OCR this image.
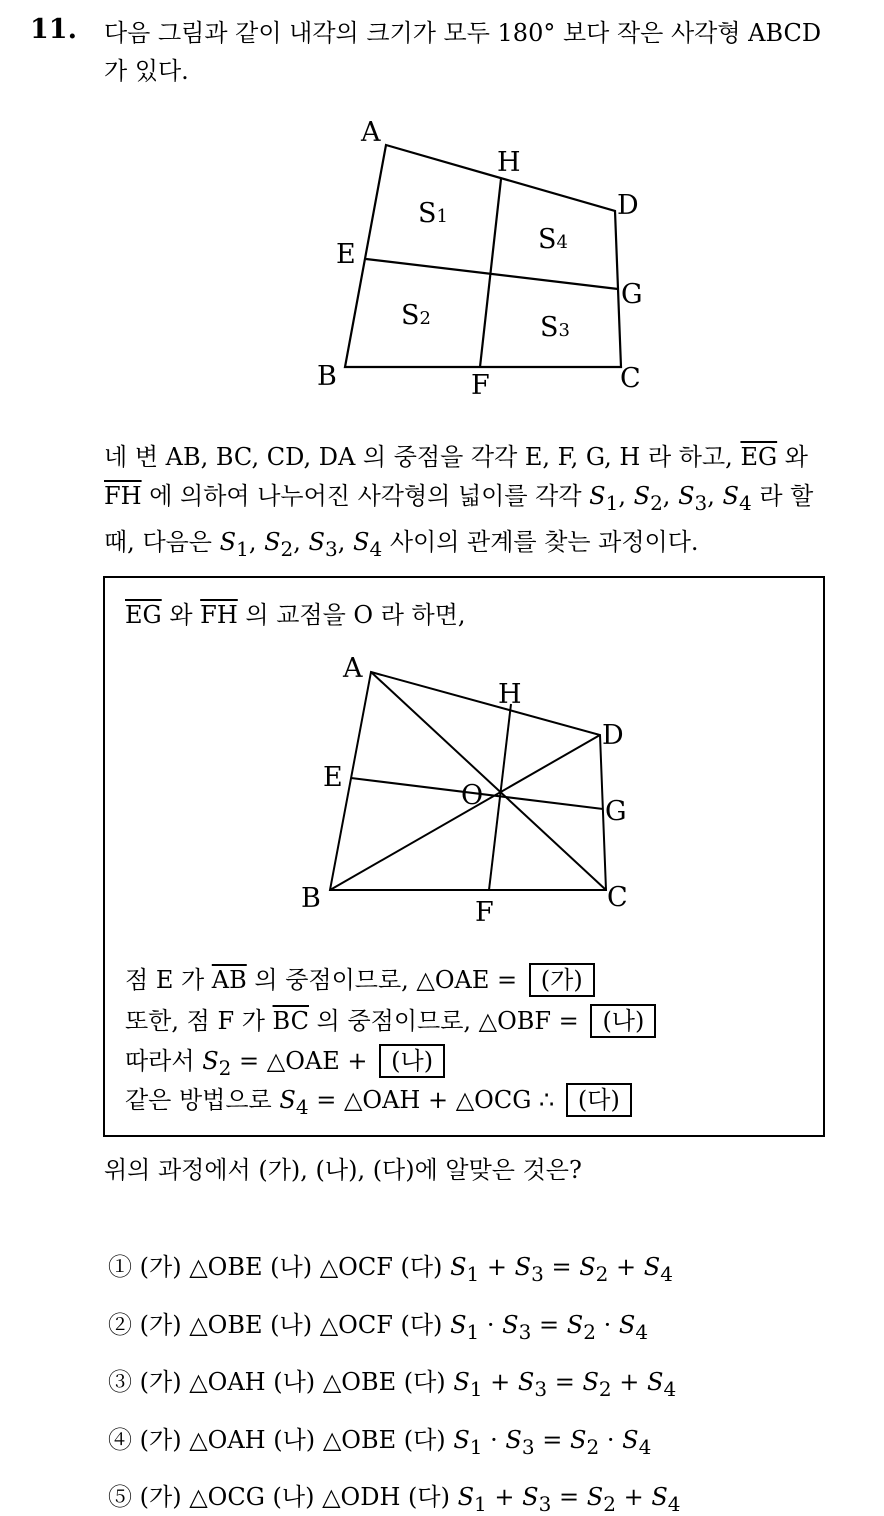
11. 다음 그림과 같이 내각의 크기가 모두 180° 보다 작은 사각형 ABCD
가 있다.
A
B	C
D
E
F
G
H
S1
S4
S2	S3
네 변 AB, BC, CD, DA 의 중점을 각각 E, F, G, H 라 하고, $\overline{EG}$ 와
$\overline{FH}$ 에 의하여 나누어진 사각형의 넓이를 각각 $S_1$, $S_2$, $S_3$, $S_4$ 라 할
때, 다음은 $S_1$, $S_2$, $S_3$, $S_4$ 사이의 관계를 찾는 과정이다.
$\overline{EG}$ 와 $\overline{FH}$ 의 교점을 O 라 하면,
A
B	C
D
E
F
G
H
O
점 E 가 $\overline{AB}$ 의 중점이므로, △OAE = (가)
또한, 점 F 가 $\overline{BC}$ 의 중점이므로, △OBF = (나)
따라서 $S_2$ = △OAE + (나)
같은 방법으로 $S_4$ = △OAH + △OCG ∴ (다)
위의 과정에서 (가), (나), (다)에 알맞은 것은?
① (가) △OBE (나) △OCF (다) $S_1 + S_3 = S_2 + S_4$
② (가) △OBE (나) △OCF (다) $S_1 \cdot S_3 = S_2 \cdot S_4$
③ (가) △OAH (나) △OBE (다) $S_1 + S_3 = S_2 + S_4$
④ (가) △OAH (나) △OBE (다) $S_1 \cdot S_3 = S_2 \cdot S_4$
⑤ (가) △OCG (나) △ODH (다) $S_1 + S_3 = S_2 + S_4$
